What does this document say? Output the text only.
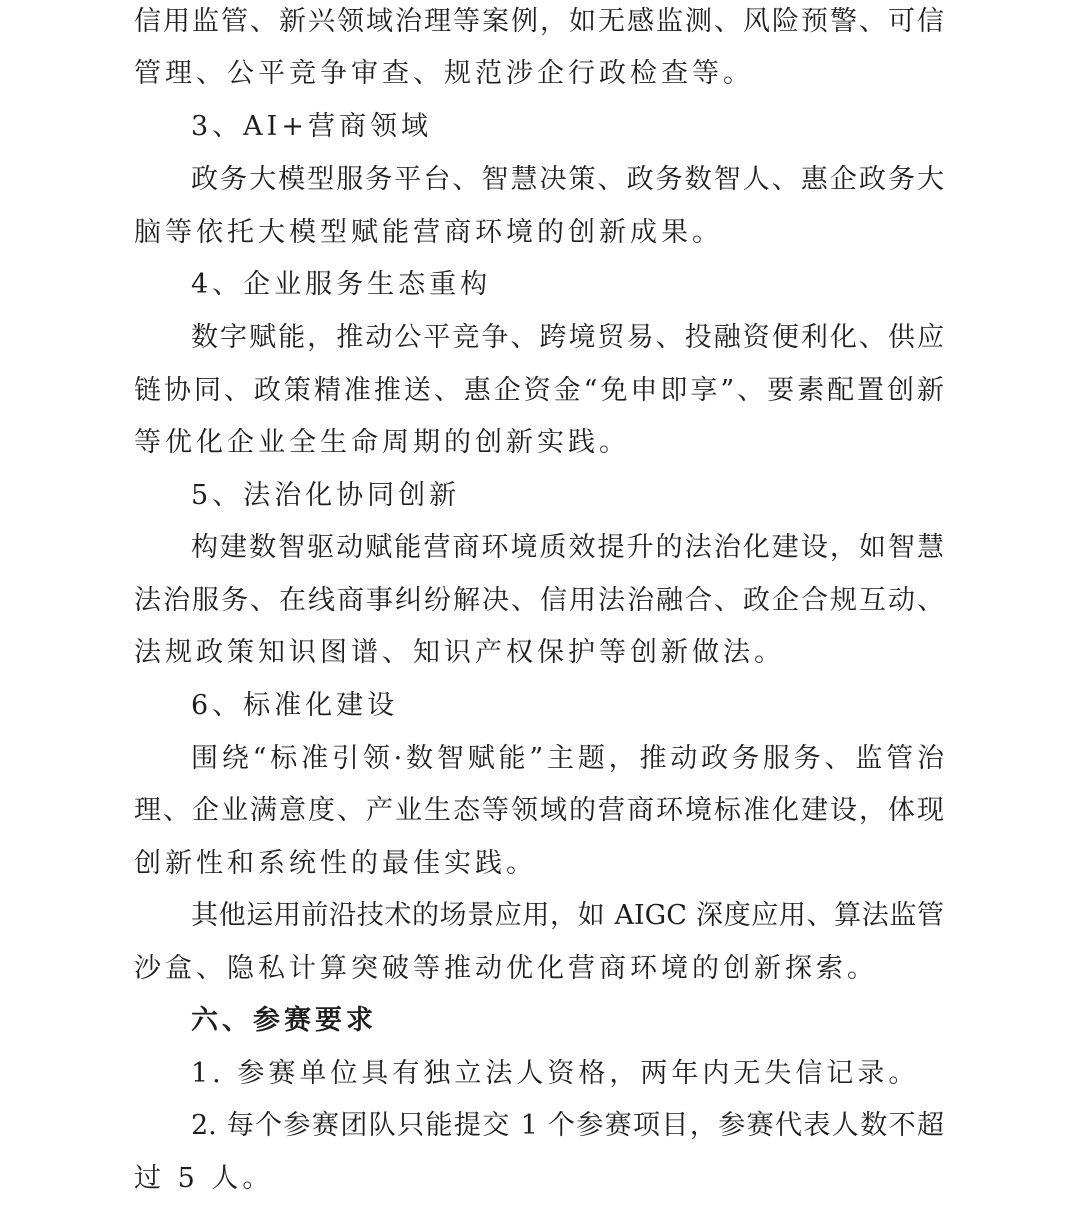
信用监管、新兴领域治理等案例，如无感监测、风险预警、可信

管理、公平竞争审查、规范涉企行政检查等。

3、AI+营商领域

政务大模型服务平台、智慧决策、政务数智人、惠企政务大

脑等依托大模型赋能营商环境的创新成果。

4、企业服务生态重构

数字赋能，推动公平竞争、跨境贸易、投融资便利化、供应

链协同、政策精准推送、惠企资金“免申即享”、要素配置创新

等优化企业全生命周期的创新实践。

5、法治化协同创新

构建数智驱动赋能营商环境质效提升的法治化建设，如智慧

法治服务、在线商事纠纷解决、信用法治融合、政企合规互动、

法规政策知识图谱、知识产权保护等创新做法。

6、标准化建设

围绕“标准引领·数智赋能”主题，推动政务服务、监管治

理、企业满意度、产业生态等领域的营商环境标准化建设，体现

创新性和系统性的最佳实践。

其他运用前沿技术的场景应用，如 AIGC 深度应用、算法监管

沙盒、隐私计算突破等推动优化营商环境的创新探索。

六、参赛要求

1. 参赛单位具有独立法人资格，两年内无失信记录。

2. 每个参赛团队只能提交 1 个参赛项目，参赛代表人数不超

过 5 人。
